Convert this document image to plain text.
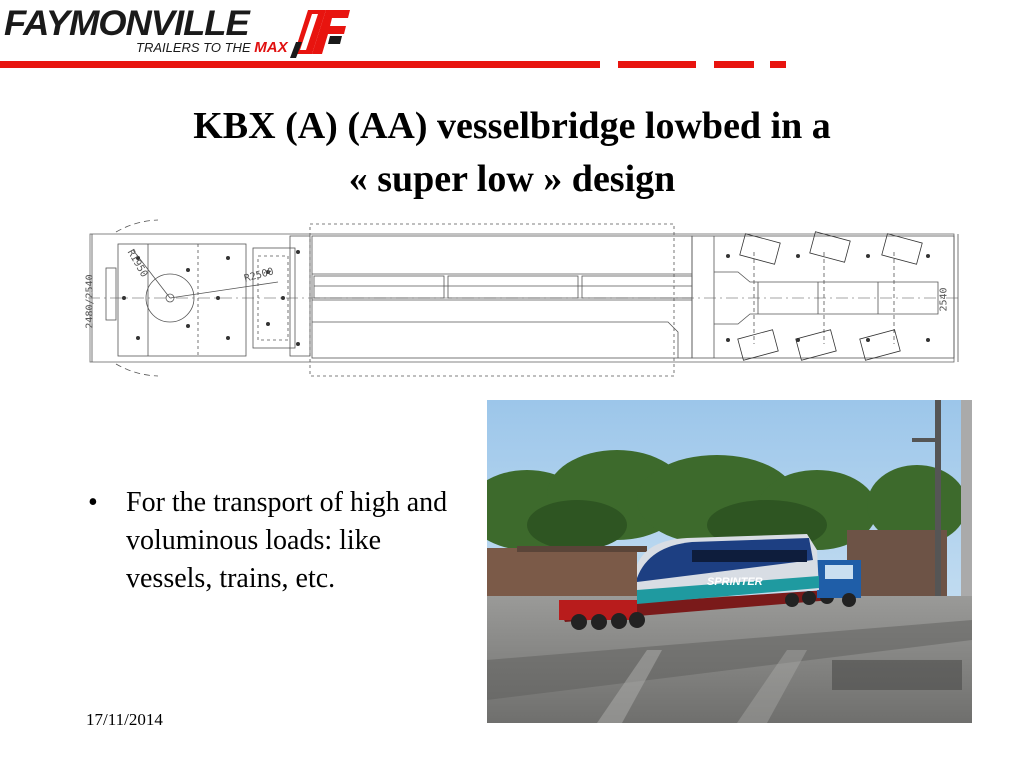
FAYMONVILLE
TRAILERS TO THE MAX
KBX (A) (AA) vesselbridge lowbed in a
« super low » design
2480/2540	2540
R1950	R2500
• For the transport of high and voluminous loads: like vessels, trains, etc.	SPRINTER
17/11/2014
